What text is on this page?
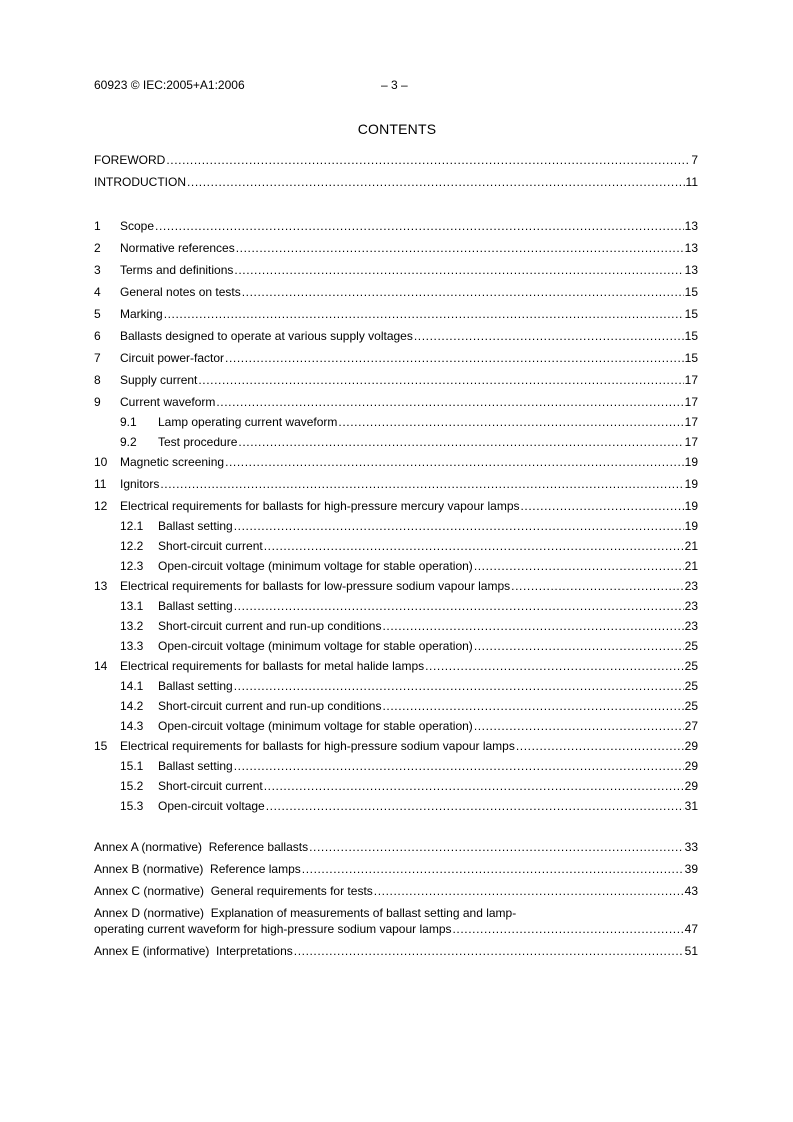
60923 © IEC:2005+A1:2006	– 3 –
CONTENTS
FOREWORD .....	7
INTRODUCTION .....	11
1	Scope .....	13
2	Normative references .....	13
3	Terms and definitions .....	13
4	General notes on tests .....	15
5	Marking .....	15
6	Ballasts designed to operate at various supply voltages .....	15
7	Circuit power-factor .....	15
8	Supply current .....	17
9	Current waveform .....	17
9.1	Lamp operating current waveform .....	17
9.2	Test procedure .....	17
10	Magnetic screening .....	19
11	Ignitors .....	19
12	Electrical requirements for ballasts for high-pressure mercury vapour lamps .....	19
12.1	Ballast setting .....	19
12.2	Short-circuit current .....	21
12.3	Open-circuit voltage (minimum voltage for stable operation) .....	21
13	Electrical requirements for ballasts for low-pressure sodium vapour lamps .....	23
13.1	Ballast setting .....	23
13.2	Short-circuit current and run-up conditions .....	23
13.3	Open-circuit voltage (minimum voltage for stable operation) .....	25
14	Electrical requirements for ballasts for metal halide lamps .....	25
14.1	Ballast setting .....	25
14.2	Short-circuit current and run-up conditions .....	25
14.3	Open-circuit voltage (minimum voltage for stable operation) .....	27
15	Electrical requirements for ballasts for high-pressure sodium vapour lamps .....	29
15.1	Ballast setting .....	29
15.2	Short-circuit current .....	29
15.3	Open-circuit voltage .....	31
Annex A (normative)  Reference ballasts .....	33
Annex B (normative)  Reference lamps .....	39
Annex C (normative)  General requirements for tests .....	43
Annex D (normative)  Explanation of measurements of ballast setting and lamp-
operating current waveform for high-pressure sodium vapour lamps .....	47
Annex E (informative)  Interpretations .....	51
